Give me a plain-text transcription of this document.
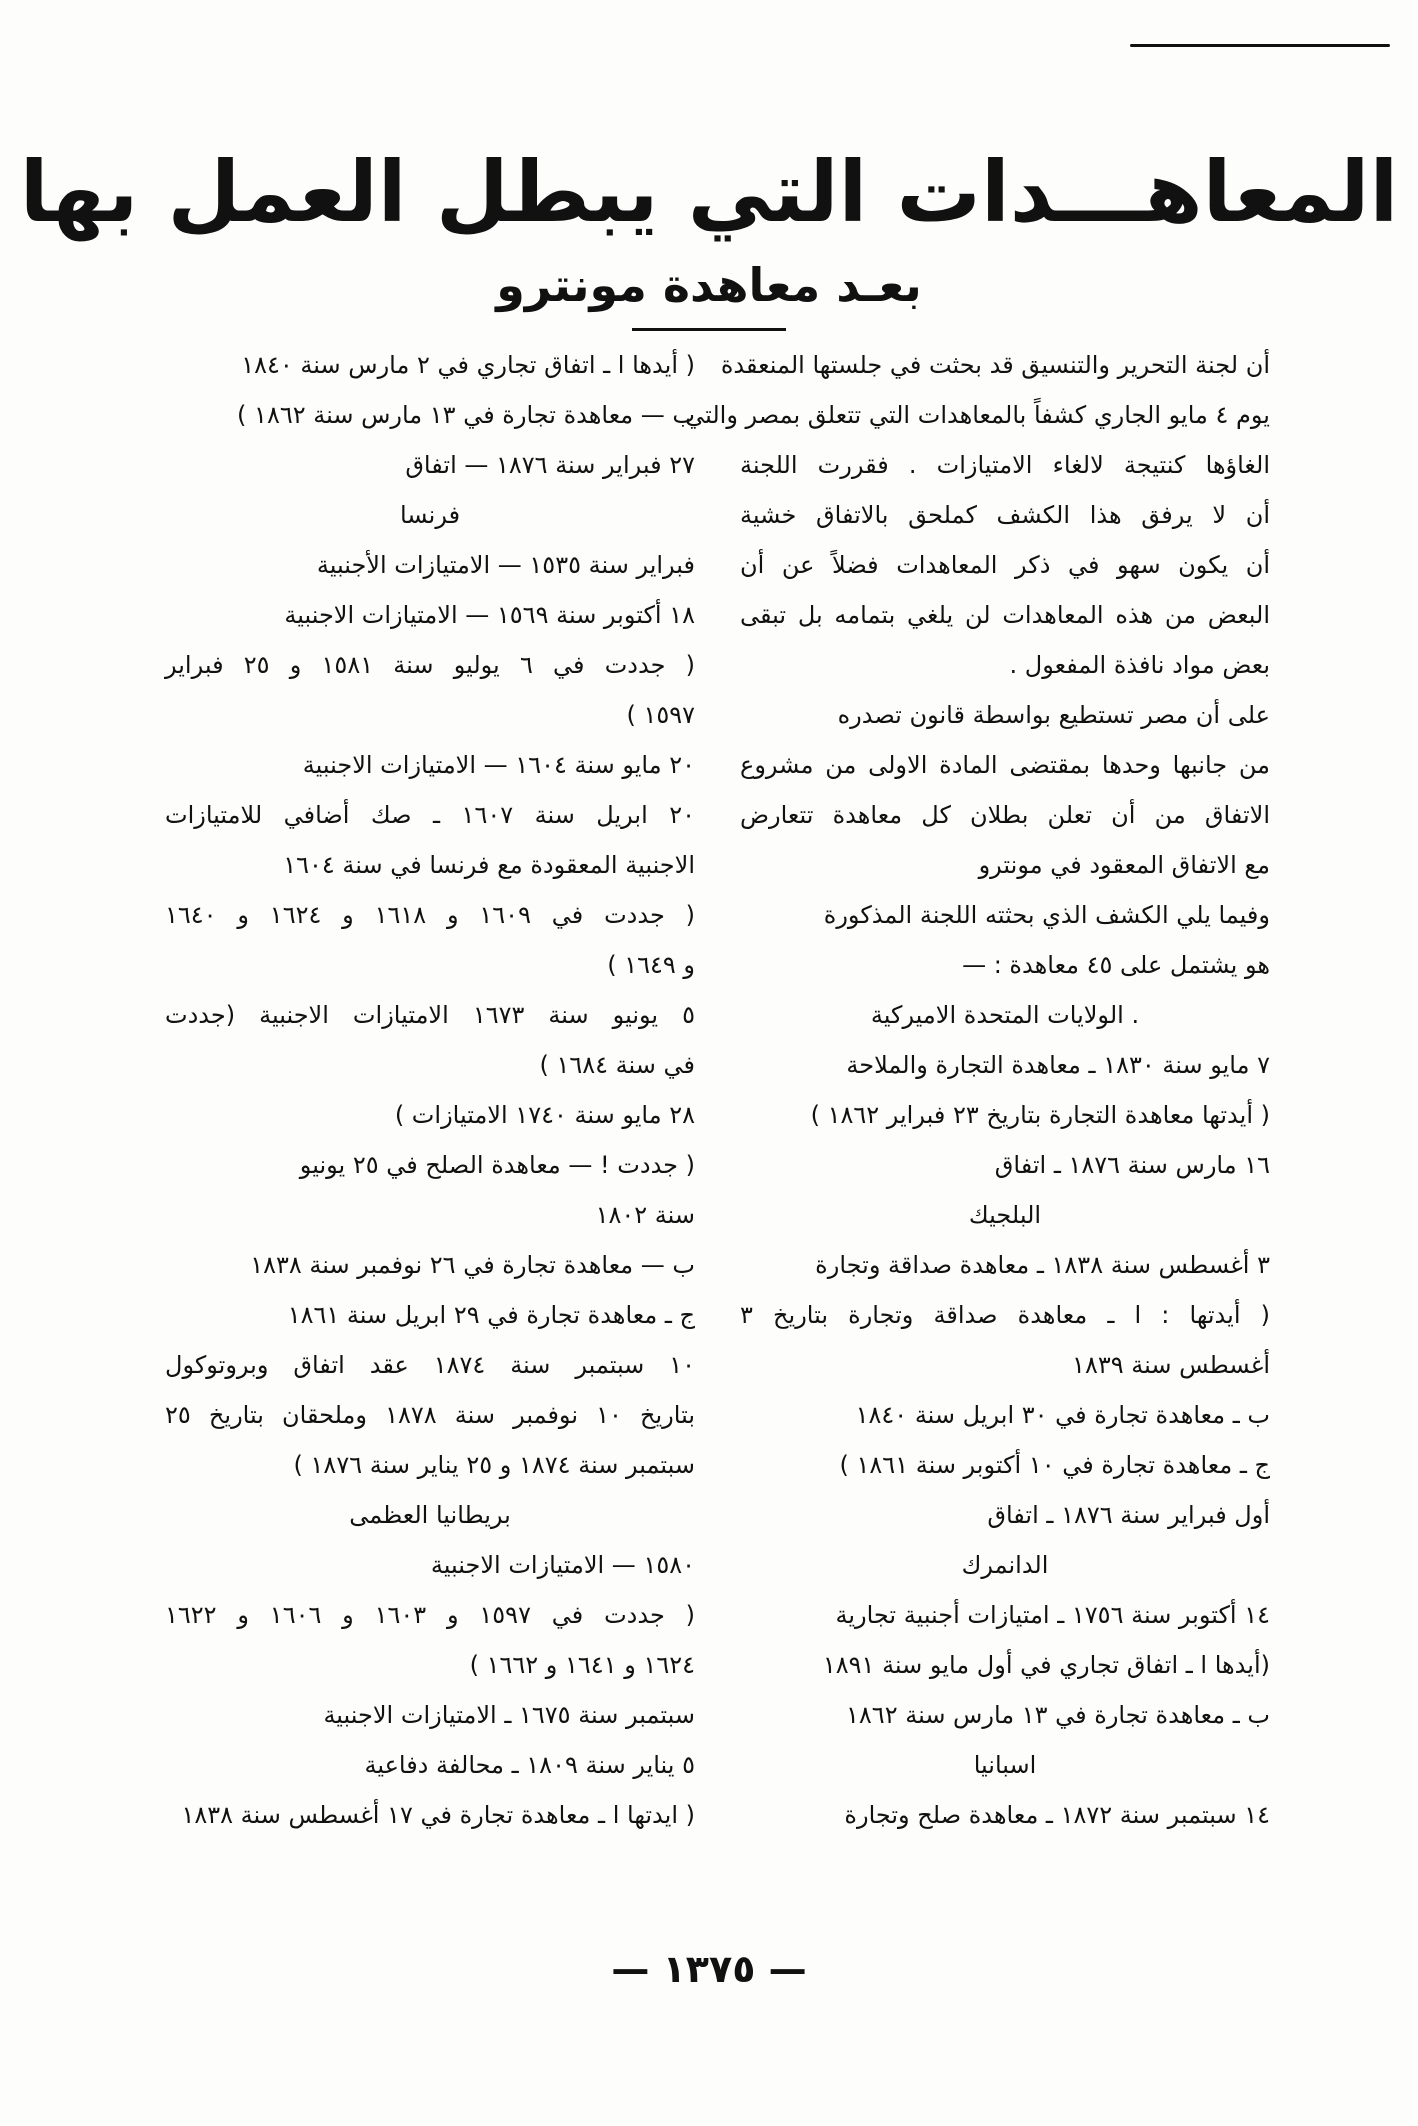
المعاهـــدات التي يبطل العمل بها
بعـد معاهدة مونترو
أن لجنة التحرير والتنسيق قد بحثت في جلستها المنعقدة
يوم ٤ مايو الجاري كشفاً بالمعاهدات التي تتعلق بمصر والتي
الغاؤها كنتيجة لالغاء الامتيازات . فقررت اللجنة
أن لا يرفق هذا الكشف كملحق بالاتفاق خشية
أن يكون سهو في ذكر المعاهدات فضلاً عن أن
البعض من هذه المعاهدات لن يلغي بتمامه بل تبقى
بعض مواد نافذة المفعول .
على أن مصر تستطيع بواسطة قانون تصدره
من جانبها وحدها بمقتضى المادة الاولى من مشروع
الاتفاق من أن تعلن بطلان كل معاهدة تتعارض
مع الاتفاق المعقود في مونترو
وفيما يلي الكشف الذي بحثته اللجنة المذكورة
هو يشتمل على ٤٥ معاهدة : —
. الولايات المتحدة الاميركية
٧ مايو سنة ١٨٣٠ ـ معاهدة التجارة والملاحة
( أيدتها معاهدة التجارة بتاريخ ٢٣ فبراير ١٨٦٢ )
١٦ مارس سنة ١٨٧٦ ـ اتفاق
البلجيك
٣ أغسطس سنة ١٨٣٨ ـ معاهدة صداقة وتجارة
( أيدتها : ا ـ معاهدة صداقة وتجارة بتاريخ ٣
أغسطس سنة ١٨٣٩
ب ـ معاهدة تجارة في ٣٠ ابريل سنة ١٨٤٠
ج ـ معاهدة تجارة في ١٠ أكتوبر سنة ١٨٦١ )
أول فبراير سنة ١٨٧٦ ـ اتفاق
الدانمرك
١٤ أكتوبر سنة ١٧٥٦ ـ امتيازات أجنبية تجارية
(أيدها ا ـ اتفاق تجاري في أول مايو سنة ١٨٩١
ب ـ معاهدة تجارة في ١٣ مارس سنة ١٨٦٢
اسبانيا
١٤ سبتمبر سنة ١٨٧٢ ـ معاهدة صلح وتجارة
( أيدها ا ـ اتفاق تجاري في ٢ مارس سنة ١٨٤٠
ب — معاهدة تجارة في ١٣ مارس سنة ١٨٦٢ )
٢٧ فبراير سنة ١٨٧٦ — اتفاق
فرنسا
فبراير سنة ١٥٣٥ — الامتيازات الأجنبية
١٨ أكتوبر سنة ١٥٦٩ — الامتيازات الاجنبية
( جددت في ٦ يوليو سنة ١٥٨١ و ٢٥ فبراير
١٥٩٧ )
٢٠ مايو سنة ١٦٠٤ — الامتيازات الاجنبية
٢٠ ابريل سنة ١٦٠٧ ـ صك أضافي للامتيازات
الاجنبية المعقودة مع فرنسا في سنة ١٦٠٤
( جددت في ١٦٠٩ و ١٦١٨ و ١٦٢٤ و ١٦٤٠
و ١٦٤٩ )
٥ يونيو سنة ١٦٧٣ الامتيازات الاجنبية (جددت
في سنة ١٦٨٤ )
٢٨ مايو سنة ١٧٤٠ الامتيازات )
( جددت ! — معاهدة الصلح في ٢٥ يونيو
سنة ١٨٠٢
ب — معاهدة تجارة في ٢٦ نوفمبر سنة ١٨٣٨
ج ـ معاهدة تجارة في ٢٩ ابريل سنة ١٨٦١
١٠ سبتمبر سنة ١٨٧٤ عقد اتفاق وبروتوكول
بتاريخ ١٠ نوفمبر سنة ١٨٧٨ وملحقان بتاريخ ٢٥
سبتمبر سنة ١٨٧٤ و ٢٥ يناير سنة ١٨٧٦ )
بريطانيا العظمى
١٥٨٠ — الامتيازات الاجنبية
( جددت في ١٥٩٧ و ١٦٠٣ و ١٦٠٦ و ١٦٢٢
١٦٢٤ و ١٦٤١ و ١٦٦٢ )
سبتمبر سنة ١٦٧٥ ـ الامتيازات الاجنبية
٥ يناير سنة ١٨٠٩ ـ محالفة دفاعية
( ايدتها ا ـ معاهدة تجارة في ١٧ أغسطس سنة ١٨٣٨
— ١٣٧٥ —
